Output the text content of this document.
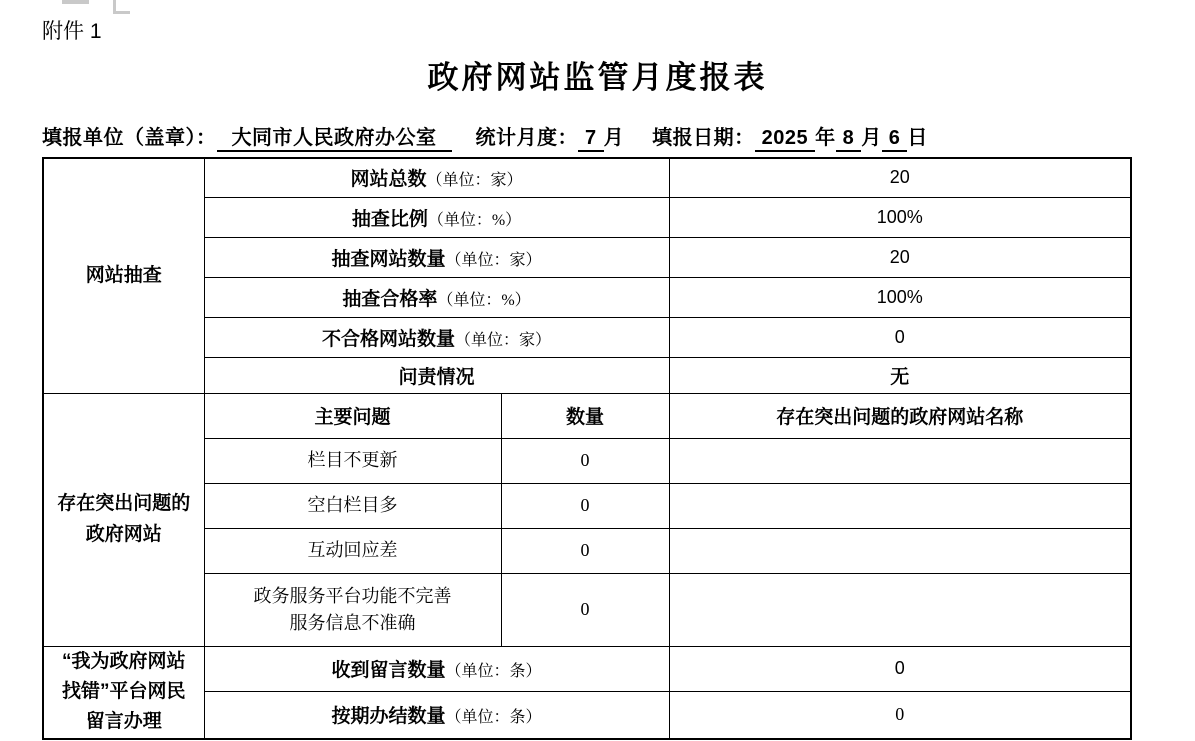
附件 1
政府网站监管月度报表
填报单位（盖章）： 大同市人民政府办公室 统计月度： 7 月 填报日期： 2025 年 8 月 6 日
网站抽查	网站总数（单位：家）		20
	抽查比例（单位：%）		100%
	抽查网站数量（单位：家）		20
	抽查合格率（单位：%）		100%
	不合格网站数量（单位：家）		0
	问责情况		无
存在突出问题的
政府网站	主要问题	数量	存在突出问题的政府网站名称
	栏目不更新	0	
	空白栏目多	0	
	互动回应差	0	
	政务服务平台功能不完善
服务信息不准确	0	
“我为政府网站
找错”平台网民
留言办理	收到留言数量（单位：条）		0
	按期办结数量（单位：条）		0
